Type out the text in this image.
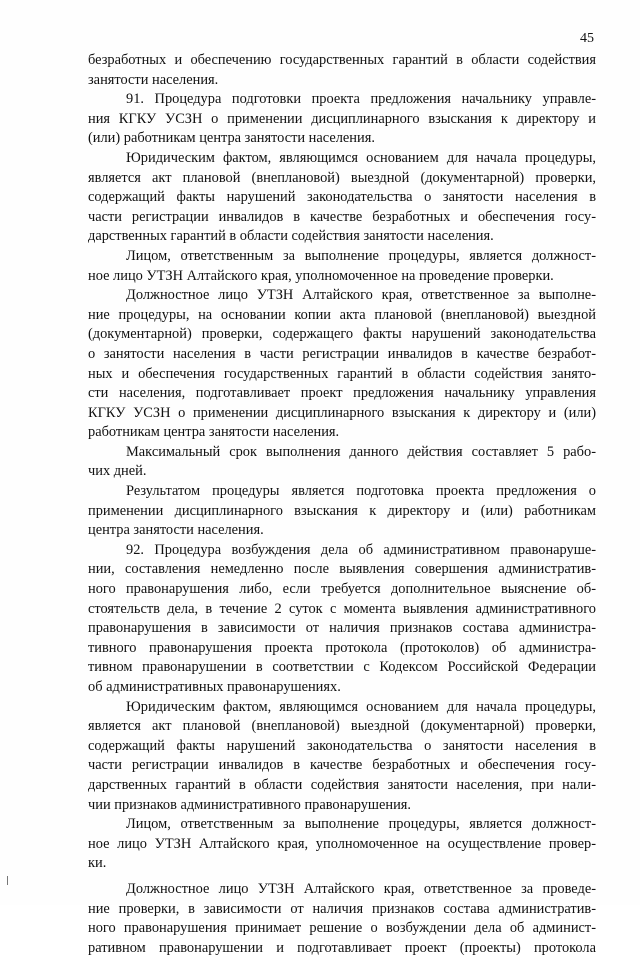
45
безработных и обеспечению государственных гарантий в области содействия
занятости населения.
91. Процедура подготовки проекта предложения начальнику управле-
ния КГКУ УСЗН о применении дисциплинарного взыскания к директору и
(или) работникам центра занятости населения.
Юридическим фактом, являющимся основанием для начала процедуры,
является акт плановой (внеплановой) выездной (документарной) проверки,
содержащий факты нарушений законодательства о занятости населения в
части регистрации инвалидов в качестве безработных и обеспечения госу-
дарственных гарантий в области содействия занятости населения.
Лицом, ответственным за выполнение процедуры, является должност-
ное лицо УТЗН Алтайского края, уполномоченное на проведение проверки.
Должностное лицо УТЗН Алтайского края, ответственное за выполне-
ние процедуры, на основании копии акта плановой (внеплановой) выездной
(документарной) проверки, содержащего факты нарушений законодательства
о занятости населения в части регистрации инвалидов в качестве безработ-
ных и обеспечения государственных гарантий в области содействия занято-
сти населения, подготавливает проект предложения начальнику управления
КГКУ УСЗН о применении дисциплинарного взыскания к директору и (или)
работникам центра занятости населения.
Максимальный срок выполнения данного действия составляет 5 рабо-
чих дней.
Результатом процедуры является подготовка проекта предложения о
применении дисциплинарного взыскания к директору и (или) работникам
центра занятости населения.
92. Процедура возбуждения дела об административном правонаруше-
нии, составления немедленно после выявления совершения административ-
ного правонарушения либо, если требуется дополнительное выяснение об-
стоятельств дела, в течение 2 суток с момента выявления административного
правонарушения в зависимости от наличия признаков состава администра-
тивного правонарушения проекта протокола (протоколов) об администра-
тивном правонарушении в соответствии с Кодексом Российской Федерации
об административных правонарушениях.
Юридическим фактом, являющимся основанием для начала процедуры,
является акт плановой (внеплановой) выездной (документарной) проверки,
содержащий факты нарушений законодательства о занятости населения в
части регистрации инвалидов в качестве безработных и обеспечения госу-
дарственных гарантий в области содействия занятости населения, при нали-
чии признаков административного правонарушения.
Лицом, ответственным за выполнение процедуры, является должност-
ное лицо УТЗН Алтайского края, уполномоченное на осуществление провер-
ки.
Должностное лицо УТЗН Алтайского края, ответственное за проведе-
ние проверки, в зависимости от наличия признаков состава административ-
ного правонарушения принимает решение о возбуждении дела об админист-
ративном правонарушении и подготавливает проект (проекты) протокола
